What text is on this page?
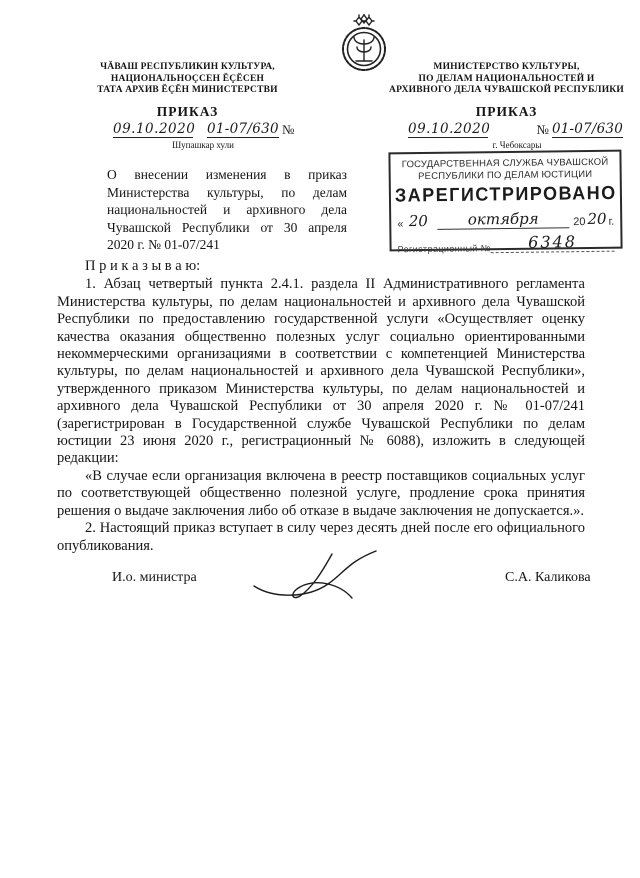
ЧĂВАШ РЕСПУБЛИКИН КУЛЬТУРА,
НАЦИОНАЛЬНОÇСЕН ĔÇĔСЕН
ТАТА АРХИВ ĔÇĔН МИНИСТЕРСТВИ
МИНИСТЕРСТВО КУЛЬТУРЫ,
ПО ДЕЛАМ НАЦИОНАЛЬНОСТЕЙ И
АРХИВНОГО ДЕЛА ЧУВАШСКОЙ РЕСПУБЛИКИ
ПРИКАЗ	ПРИКАЗ
09.10.2020 01-07/630 №
Шупашкар хули
09.10.2020	№ 01-07/630
г. Чебоксары
ГОСУДАРСТВЕННАЯ СЛУЖБА ЧУВАШСКОЙ
РЕСПУБЛИКИ ПО ДЕЛАМ ЮСТИЦИИ
ЗАРЕГИСТРИРОВАНО
« 20	октября	20 20 г.
Регистрационный №	6348
О внесении изменения в приказ Министерства культуры, по делам национальностей и архивного дела Чувашской Республики от 30 апреля 2020 г. № 01-07/241

П р и к а з ы в а ю:

1. Абзац четвертый пункта 2.4.1. раздела II Административного регламента Министерства культуры, по делам национальностей и архивного дела Чувашской Республики по предоставлению государственной услуги «Осуществляет оценку качества оказания общественно полезных услуг социально ориентированными некоммерческими организациями в соответствии с компетенцией Министерства культуры, по делам национальностей и архивного дела Чувашской Республики», утвержденного приказом Министерства культуры, по делам национальностей и архивного дела Чувашской Республики от 30 апреля 2020 г. № 01-07/241 (зарегистрирован в Государственной службе Чувашской Республики по делам юстиции 23 июня 2020 г., регистрационный № 6088), изложить в следующей редакции:

«В случае если организация включена в реестр поставщиков социальных услуг по соответствующей общественно полезной услуге, продление срока принятия решения о выдаче заключения либо об отказе в выдаче заключения не допускается.».

2. Настоящий приказ вступает в силу через десять дней после его официального опубликования.

И.о. министра	С.А. Каликова
